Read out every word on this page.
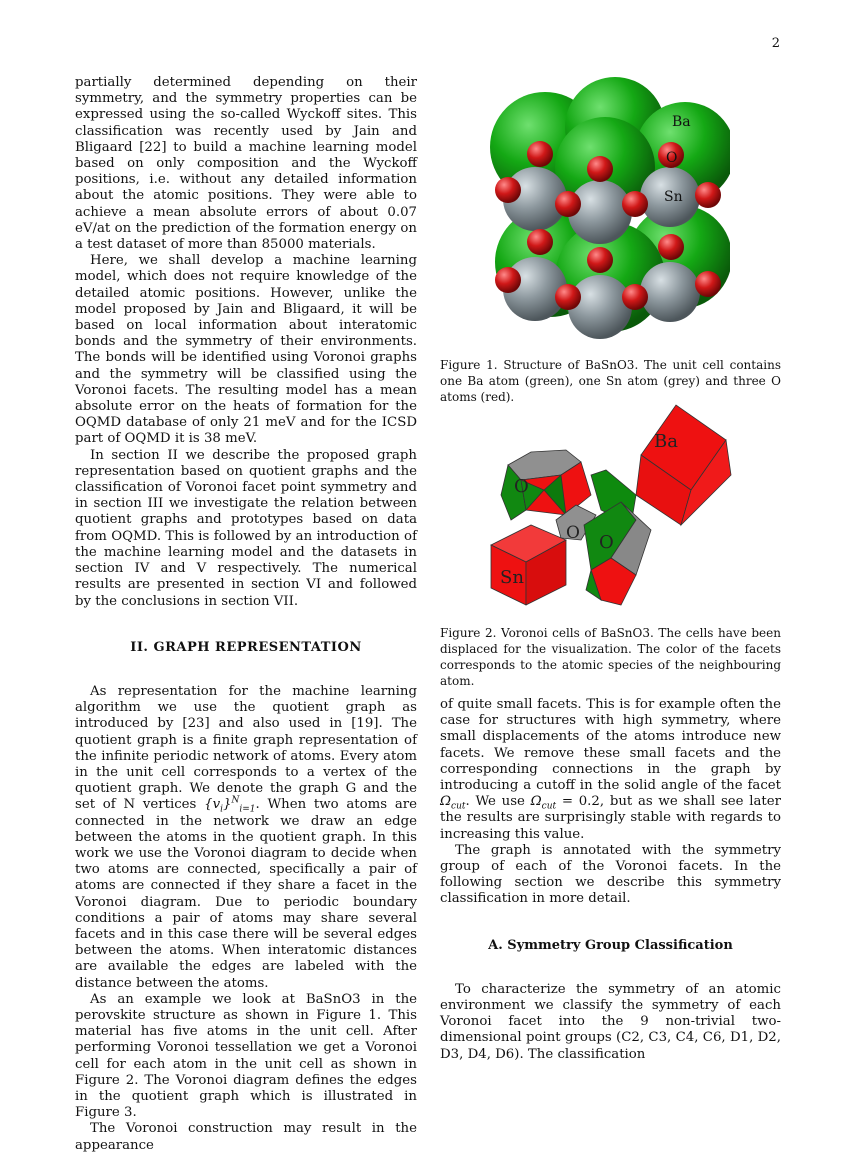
2

partially determined depending on their symmetry, and the symmetry properties can be expressed using the so-called Wyckoff sites. This classification was recently used by Jain and Bligaard [22] to build a machine learning model based on only composition and the Wyckoff positions, i.e. without any detailed information about the atomic positions. They were able to achieve a mean absolute errors of about 0.07 eV/at on the prediction of the formation energy on a test dataset of more than 85000 materials.

Here, we shall develop a machine learning model, which does not require knowledge of the detailed atomic positions. However, unlike the model proposed by Jain and Bligaard, it will be based on local information about interatomic bonds and the symmetry of their environments. The bonds will be identified using Voronoi graphs and the symmetry will be classified using the Voronoi facets. The resulting model has a mean absolute error on the heats of formation for the OQMD database of only 21 meV and for the ICSD part of OQMD it is 38 meV.

In section II we describe the proposed graph representation based on quotient graphs and the classification of Voronoi facet point symmetry and in section III we investigate the relation between quotient graphs and prototypes based on data from OQMD. This is followed by an introduction of the machine learning model and the datasets in section IV and V respectively. The numerical results are presented in section VI and followed by the conclusions in section VII.

II. GRAPH REPRESENTATION

As representation for the machine learning algorithm we use the quotient graph as introduced by [23] and also used in [19]. The quotient graph is a finite graph representation of the infinite periodic network of atoms. Every atom in the unit cell corresponds to a vertex of the quotient graph. We denote the graph G and the set of N vertices $\{v_i\}^N_{i=1}$. When two atoms are connected in the network we draw an edge between the atoms in the quotient graph. In this work we use the Voronoi diagram to decide when two atoms are connected, specifically a pair of atoms are connected if they share a facet in the Voronoi diagram. Due to periodic boundary conditions a pair of atoms may share several facets and in this case there will be several edges between the atoms. When interatomic distances are available the edges are labeled with the distance between the atoms.

As an example we look at BaSnO3 in the perovskite structure as shown in Figure 1. This material has five atoms in the unit cell. After performing Voronoi tessellation we get a Voronoi cell for each atom in the unit cell as shown in Figure 2. The Voronoi diagram defines the edges in the quotient graph which is illustrated in Figure 3.

The Voronoi construction may result in the appearance

Ba
O
Sn
Figure 1. Structure of BaSnO3. The unit cell contains one Ba atom (green), one Sn atom (grey) and three O atoms (red).
Ba
O
O O
Sn
Figure 2. Voronoi cells of BaSnO3. The cells have been displaced for the visualization. The color of the facets corresponds to the atomic species of the neighbouring atom.

of quite small facets. This is for example often the case for structures with high symmetry, where small displacements of the atoms introduce new facets. We remove these small facets and the corresponding connections in the graph by introducing a cutoff in the solid angle of the facet $\Omega_{cut}$. We use $\Omega_{cut} = 0.2$, but as we shall see later the results are surprisingly stable with regards to increasing this value.

The graph is annotated with the symmetry group of each of the Voronoi facets. In the following section we describe this symmetry classification in more detail.

A. Symmetry Group Classification

To characterize the symmetry of an atomic environment we classify the symmetry of each Voronoi facet into the 9 non-trivial two-dimensional point groups (C2, C3, C4, C6, D1, D2, D3, D4, D6). The classification
